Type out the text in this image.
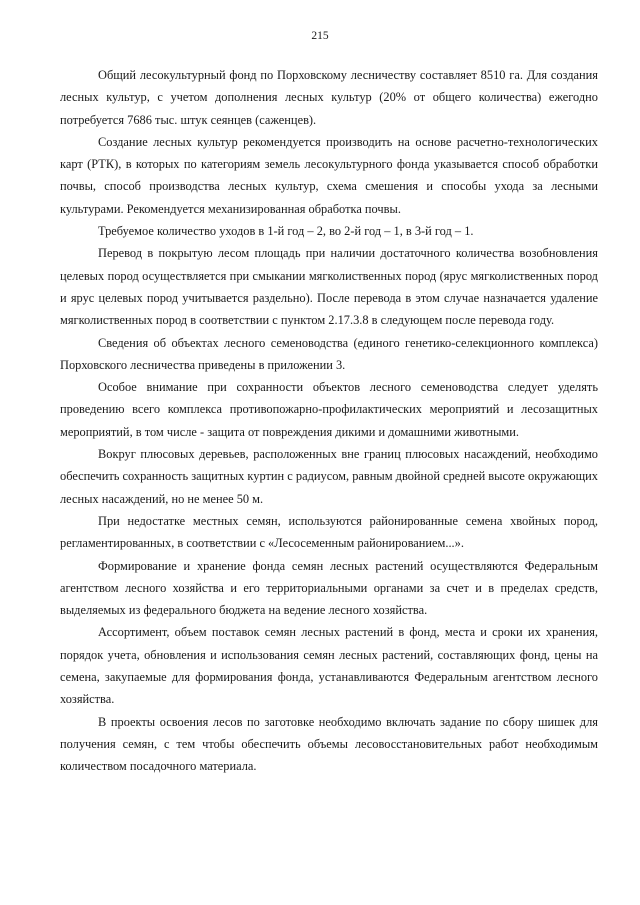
215

Общий лесокультурный фонд по Порховскому лесничеству составляет 8510 га. Для создания лесных культур, с учетом дополнения лесных культур (20% от общего количества) ежегодно потребуется 7686 тыс. штук сеянцев (саженцев).

Создание лесных культур рекомендуется производить на основе расчетно-технологических карт (РТК), в которых по категориям земель лесокультурного фонда указывается способ обработки почвы, способ производства лесных культур, схема смешения и способы ухода за лесными культурами. Рекомендуется механизированная обработка почвы.

Требуемое количество уходов в 1-й год – 2, во 2-й год – 1, в 3-й год – 1.

Перевод в покрытую лесом площадь при наличии достаточного количества возобновления целевых пород осуществляется при смыкании мягколиственных пород (ярус мягколиственных пород и ярус целевых пород учитывается раздельно). После перевода в этом случае назначается удаление мягколиственных пород в соответствии с пунктом 2.17.3.8 в следующем после перевода году.

Сведения об объектах лесного семеноводства (единого генетико-селекционного комплекса) Порховского лесничества приведены в приложении 3.

Особое внимание при сохранности объектов лесного семеноводства следует уделять проведению всего комплекса противопожарно-профилактических мероприятий и лесозащитных мероприятий, в том числе - защита от повреждения дикими и домашними животными.

Вокруг плюсовых деревьев, расположенных вне границ плюсовых насаждений, необходимо обеспечить сохранность защитных куртин с радиусом, равным двойной средней высоте окружающих лесных насаждений, но не менее 50 м.

При недостатке местных семян, используются районированные семена хвойных пород, регламентированных, в соответствии с «Лесосеменным районированием...».

Формирование и хранение фонда семян лесных растений осуществляются Федеральным агентством лесного хозяйства и его территориальными органами за счет и в пределах средств, выделяемых из федерального бюджета на ведение лесного хозяйства.

Ассортимент, объем поставок семян лесных растений в фонд, места и сроки их хранения, порядок учета, обновления и использования семян лесных растений, составляющих фонд, цены на семена, закупаемые для формирования фонда, устанавливаются Федеральным агентством лесного хозяйства.

В проекты освоения лесов по заготовке необходимо включать задание по сбору шишек для получения семян, с тем чтобы обеспечить объемы лесовосстановительных работ необходимым количеством посадочного материала.
